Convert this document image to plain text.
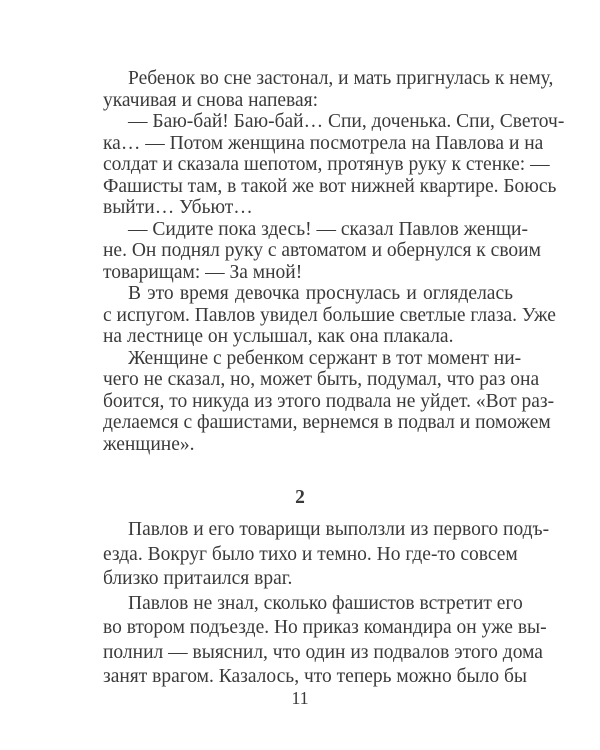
Ребенок во сне застонал, и мать пригнулась к нему,
укачивая и снова напевая:
— Баю-бай! Баю-бай… Спи, доченька. Спи, Светоч-
ка… — Потом женщина посмотрела на Павлова и на
солдат и сказала шепотом, протянув руку к стенке: —
Фашисты там, в такой же вот нижней квартире. Боюсь
выйти… Убьют…
— Сидите пока здесь! — сказал Павлов женщи-
не. Он поднял руку с автоматом и обернулся к своим
товарищам: — За мной!
В это время девочка проснулась и огляделась
с испугом. Павлов увидел большие светлые глаза. Уже
на лестнице он услышал, как она плакала.
Женщине с ребенком сержант в тот момент ни-
чего не сказал, но, может быть, подумал, что раз она
боится, то никуда из этого подвала не уйдет. «Вот раз-
делаемся с фашистами, вернемся в подвал и поможем
женщине».
2
Павлов и его товарищи выползли из первого подъ-
езда. Вокруг было тихо и темно. Но где-то совсем
близко притаился враг.
Павлов не знал, сколько фашистов встретит его
во втором подъезде. Но приказ командира он уже вы-
полнил — выяснил, что один из подвалов этого дома
занят врагом. Казалось, что теперь можно было бы
11
